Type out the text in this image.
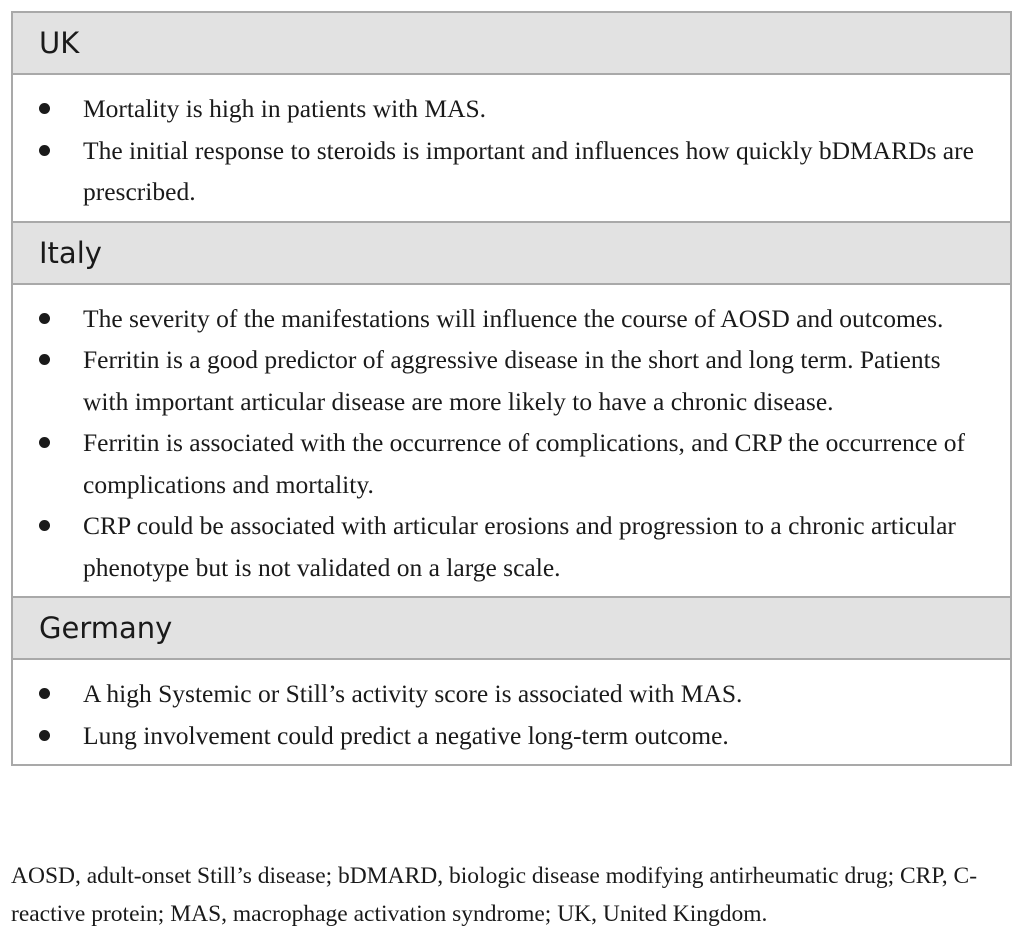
UK
Mortality is high in patients with MAS.
The initial response to steroids is important and influences how quickly bDMARDs are prescribed.
Italy
The severity of the manifestations will influence the course of AOSD and outcomes.
Ferritin is a good predictor of aggressive disease in the short and long term. Patients with important articular disease are more likely to have a chronic disease.
Ferritin is associated with the occurrence of complications, and CRP the occurrence of complications and mortality.
CRP could be associated with articular erosions and progression to a chronic articular phenotype but is not validated on a large scale.
Germany
A high Systemic or Still’s activity score is associated with MAS.
Lung involvement could predict a negative long-term outcome.
AOSD, adult-onset Still’s disease; bDMARD, biologic disease modifying antirheumatic drug; CRP, C-reactive protein; MAS, macrophage activation syndrome; UK, United Kingdom.
